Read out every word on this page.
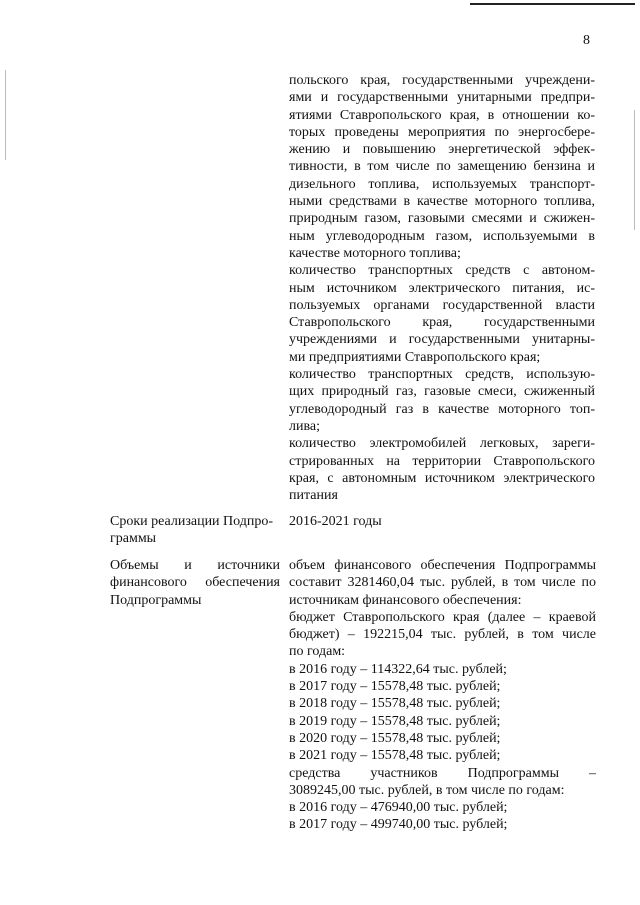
8
польского края, государственными учреждени-
ями и государственными унитарными предпри-
ятиями Ставропольского края, в отношении ко-
торых проведены мероприятия по энергосбере-
жению и повышению энергетической эффек-
тивности, в том числе по замещению бензина и
дизельного топлива, используемых транспорт-
ными средствами в качестве моторного топлива,
природным газом, газовыми смесями и сжижен-
ным углеводородным газом, используемыми в
качестве моторного топлива;
количество транспортных средств с автоном-
ным источником электрического питания, ис-
пользуемых органами государственной власти
Ставропольского края, государственными
учреждениями и государственными унитарны-
ми предприятиями Ставропольского края;
количество транспортных средств, использую-
щих природный газ, газовые смеси, сжиженный
углеводородный газ в качестве моторного топ-
лива;
количество электромобилей легковых, зареги-
стрированных на территории Ставропольского
края, с автономным источником электрического
питания
Сроки реализации Подпро-
граммы
2016-2021 годы
Объемы и источники
финансового обеспечения
Подпрограммы
объем финансового обеспечения Подпрограммы
составит 3281460,04 тыс. рублей, в том числе по
источникам финансового обеспечения:
бюджет Ставропольского края (далее – краевой
бюджет) – 192215,04 тыс. рублей, в том числе
по годам:
в 2016 году – 114322,64 тыс. рублей;
в 2017 году – 15578,48 тыс. рублей;
в 2018 году – 15578,48 тыс. рублей;
в 2019 году – 15578,48 тыс. рублей;
в 2020 году – 15578,48 тыс. рублей;
в 2021 году – 15578,48 тыс. рублей;
средства участников Подпрограммы –
3089245,00 тыс. рублей, в том числе по годам:
в 2016 году – 476940,00 тыс. рублей;
в 2017 году – 499740,00 тыс. рублей;
